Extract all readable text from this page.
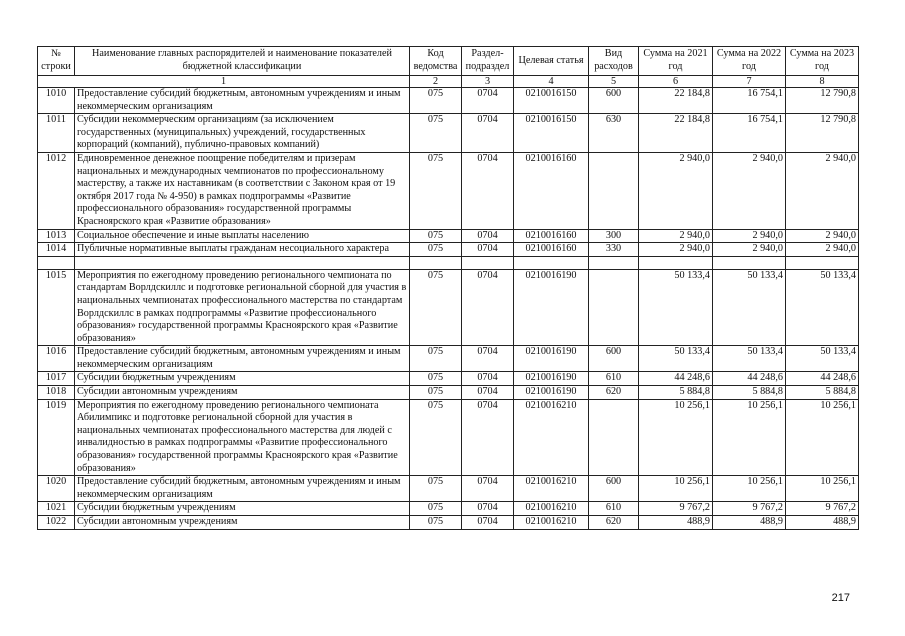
№ строки	Наименование главных распорядителей и наименование показателей бюджетной классификации	Код ведомства	Раздел-подраздел	Целевая статья	Вид расходов	Сумма на 2021 год	Сумма на 2022 год	Сумма на 2023 год
1		2	3	4	5	6	7	8
1010	Предоставление субсидий бюджетным, автономным учреждениям и иным некоммерческим организациям	075	0704	0210016150	600	22 184,8	16 754,1	12 790,8
1011	Субсидии некоммерческим организациям (за исключением государственных (муниципальных) учреждений, государственных корпораций (компаний), публично-правовых компаний)	075	0704	0210016150	630	22 184,8	16 754,1	12 790,8
1012	Единовременное денежное поощрение победителям и призерам национальных и международных чемпионатов по профессиональному мастерству, а также их наставникам (в соответствии с Законом края от 19 октября 2017 года № 4-950) в рамках подпрограммы «Развитие профессионального образования» государственной программы Красноярского края «Развитие образования»	075	0704	0210016160		2 940,0	2 940,0	2 940,0
1013	Социальное обеспечение и иные выплаты населению	075	0704	0210016160	300	2 940,0	2 940,0	2 940,0
1014	Публичные нормативные выплаты гражданам несоциального характера	075	0704	0210016160	330	2 940,0	2 940,0	2 940,0

1015	Мероприятия по ежегодному проведению регионального чемпионата по стандартам Ворлдскиллс и подготовке региональной сборной для участия в национальных чемпионатах профессионального мастерства по стандартам Ворлдскиллс в рамках подпрограммы «Развитие профессионального образования» государственной программы Красноярского края «Развитие образования»	075	0704	0210016190		50 133,4	50 133,4	50 133,4
1016	Предоставление субсидий бюджетным, автономным учреждениям и иным некоммерческим организациям	075	0704	0210016190	600	50 133,4	50 133,4	50 133,4
1017	Субсидии бюджетным учреждениям	075	0704	0210016190	610	44 248,6	44 248,6	44 248,6
1018	Субсидии автономным учреждениям	075	0704	0210016190	620	5 884,8	5 884,8	5 884,8
1019	Мероприятия по ежегодному проведению регионального чемпионата Абилимпикс и подготовке региональной сборной для участия в национальных чемпионатах профессионального мастерства для людей с инвалидностью в рамках подпрограммы «Развитие профессионального образования» государственной программы Красноярского края «Развитие образования»	075	0704	0210016210		10 256,1	10 256,1	10 256,1
1020	Предоставление субсидий бюджетным, автономным учреждениям и иным некоммерческим организациям	075	0704	0210016210	600	10 256,1	10 256,1	10 256,1
1021	Субсидии бюджетным учреждениям	075	0704	0210016210	610	9 767,2	9 767,2	9 767,2
1022	Субсидии автономным учреждениям	075	0704	0210016210	620	488,9	488,9	488,9
217
